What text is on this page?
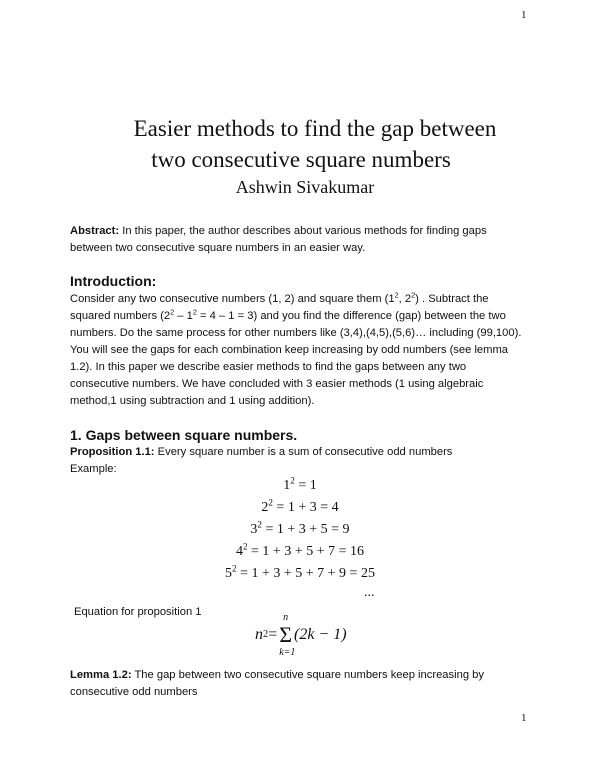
1
Easier methods to find the gap between
two consecutive square numbers
Ashwin Sivakumar
Abstract: In this paper, the author describes about various methods for finding gaps
between two consecutive square numbers in an easier way.
Introduction:
Consider any two consecutive numbers (1, 2) and square them ($1^2$, $2^2$) . Subtract the
squared numbers $(2^2 - 1^2 = 4 - 1 = 3)$ and you find the difference (gap) between the two
numbers. Do the same process for other numbers like (3,4),(4,5),(5,6)… including (99,100).
You will see the gaps for each combination keep increasing by odd numbers (see lemma
1.2). In this paper we describe easier methods to find the gaps between any two
consecutive numbers. We have concluded with 3 easier methods (1 using algebraic
method,1 using subtraction and 1 using addition).
1. Gaps between square numbers.
Proposition 1.1: Every square number is a sum of consecutive odd numbers
Example:
$1^2 = 1$
$2^2 = 1 + 3 = 4$
$3^2 = 1 + 3 + 5 = 9$
$4^2 = 1 + 3 + 5 + 7 = 16$
$5^2 = 1 + 3 + 5 + 7 + 9 = 25$
...
Equation for proposition 1
n 2 =
n
Σ
k=1
(2k − 1)
Lemma 1.2: The gap between two consecutive square numbers keep increasing by
consecutive odd numbers
1
